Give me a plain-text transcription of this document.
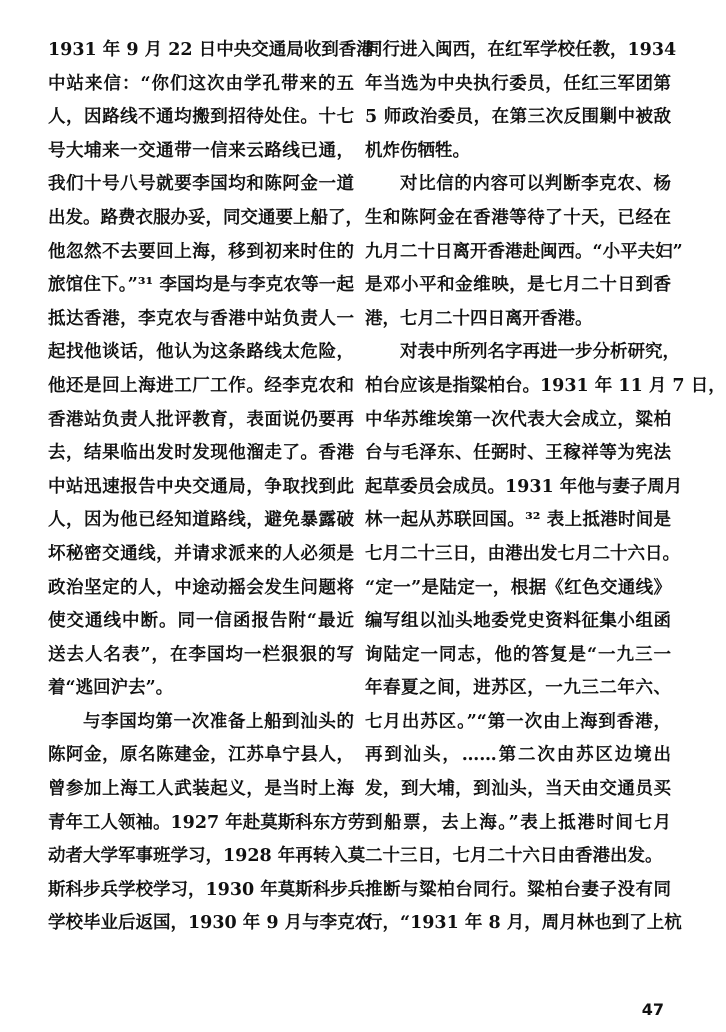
1931 年 9 月 22 日中央交通局收到香港
中站来信：“你们这次由学孔带来的五
人，因路线不通均搬到招待处住。十七
号大埔来一交通带一信来云路线已通，
我们十号八号就要李国均和陈阿金一道
出发。路费衣服办妥，同交通要上船了，
他忽然不去要回上海，移到初来时住的
旅馆住下。”³¹ 李国均是与李克农等一起
抵达香港，李克农与香港中站负责人一
起找他谈话，他认为这条路线太危险，
他还是回上海进工厂工作。经李克农和
香港站负责人批评教育，表面说仍要再
去，结果临出发时发现他溜走了。香港
中站迅速报告中央交通局，争取找到此
人，因为他已经知道路线，避免暴露破
坏秘密交通线，并请求派来的人必须是
政治坚定的人，中途动摇会发生问题将
使交通线中断。同一信函报告附“最近
送去人名表”，在李国均一栏狠狠的写
着“逃回沪去”。
与李国均第一次准备上船到汕头的
陈阿金，原名陈建金，江苏阜宁县人，
曾参加上海工人武装起义，是当时上海
青年工人领袖。1927 年赴莫斯科东方劳
动者大学军事班学习，1928 年再转入莫
斯科步兵学校学习，1930 年莫斯科步兵
学校毕业后返国，1930 年 9 月与李克农
同行进入闽西，在红军学校任教，1934
年当选为中央执行委员，任红三军团第
5 师政治委员，在第三次反围剿中被敌
机炸伤牺牲。
对比信的内容可以判断李克农、杨
生和陈阿金在香港等待了十天，已经在
九月二十日离开香港赴闽西。“小平夫妇”
是邓小平和金维映，是七月二十日到香
港，七月二十四日离开香港。
对表中所列名字再进一步分析研究，
柏台应该是指粱柏台。1931 年 11 月 7 日，
中华苏维埃第一次代表大会成立，粱柏
台与毛泽东、任弼时、王稼祥等为宪法
起草委员会成员。1931 年他与妻子周月
林一起从苏联回国。³² 表上抵港时间是
七月二十三日，由港出发七月二十六日。
“定一”是陆定一，根据《红色交通线》
编写组以汕头地委党史资料征集小组函
询陆定一同志，他的答复是“一九三一
年春夏之间，进苏区，一九三二年六、
七月出苏区。”“第一次由上海到香港，
再到汕头，……第二次由苏区边境出
发，到大埔，到汕头，当天由交通员买
到船票，去上海。”表上抵港时间七月
二十三日，七月二十六日由香港出发。
推断与粱柏台同行。粱柏台妻子没有同
行，“1931 年 8 月，周月林也到了上杭
47
